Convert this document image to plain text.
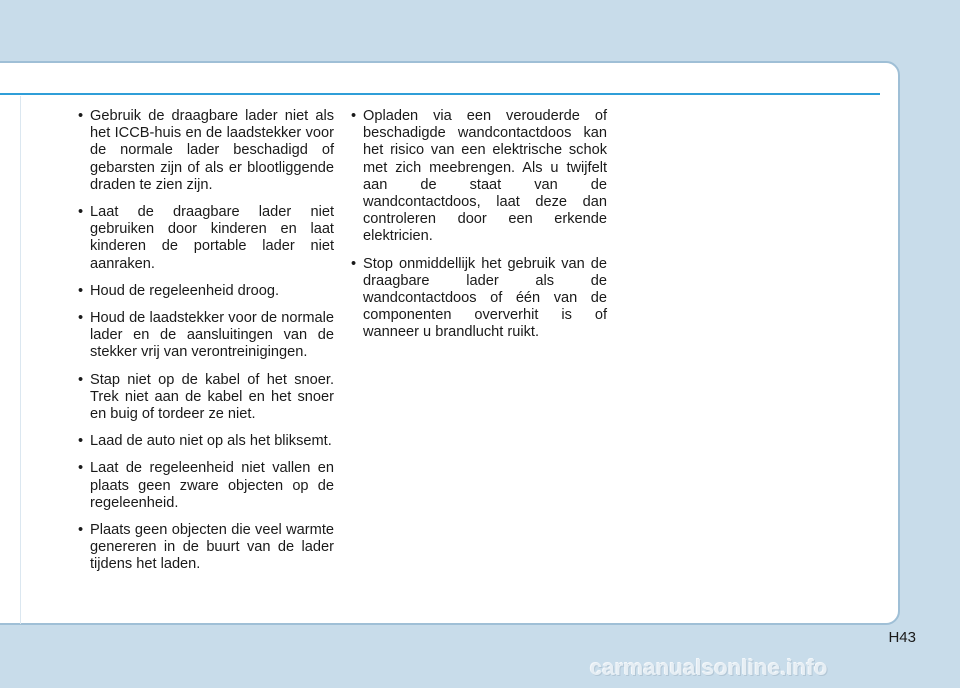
• Gebruik de draagbare lader niet als het ICCB-huis en de laadstekker voor de normale lader beschadigd of gebarsten zijn of als er blootliggende draden te zien zijn.
• Laat de draagbare lader niet gebruiken door kinderen en laat kinderen de portable lader niet aanraken.
• Houd de regeleenheid droog.
• Houd de laadstekker voor de normale lader en de aansluitingen van de stekker vrij van verontreinigingen.
• Stap niet op de kabel of het snoer. Trek niet aan de kabel en het snoer en buig of tordeer ze niet.
• Laad de auto niet op als het bliksemt.
• Laat de regeleenheid niet vallen en plaats geen zware objecten op de regeleenheid.
• Plaats geen objecten die veel warmte genereren in de buurt van de lader tijdens het laden.
• Opladen via een verouderde of beschadigde wandcontactdoos kan het risico van een elektrische schok met zich meebrengen. Als u twijfelt aan de staat van de wandcontactdoos, laat deze dan controleren door een erkende elektricien.
• Stop onmiddellijk het gebruik van de draagbare lader als de wandcontactdoos of één van de componenten oververhit is of wanneer u brandlucht ruikt.
H43
carmanualsonline.info
